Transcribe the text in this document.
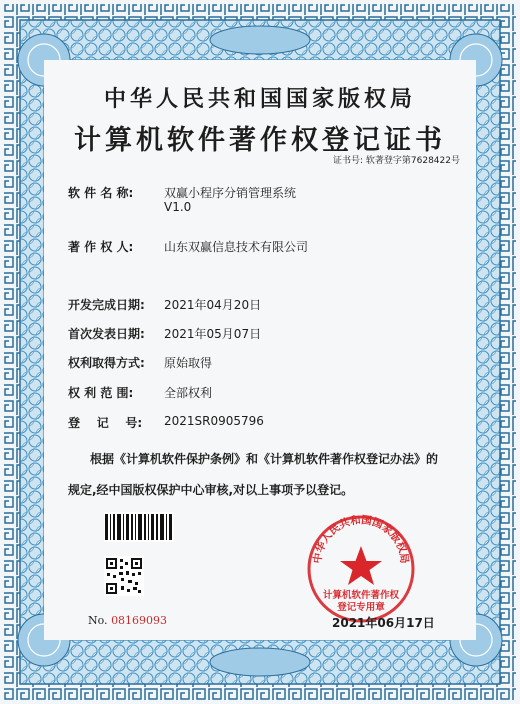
中华人民共和国国家版权局
计算机软件著作权登记证书
证书号: 软著登字第7628422号
软 件 名 称:	双赢小程序分销管理系统
V1.0
著 作 权 人:	山东双赢信息技术有限公司
开发完成日期: 2021年04月20日
首次发表日期: 2021年05月07日
权利取得方式: 原始取得
权 利 范 围:	全部权利
登    记    号: 2021SR0905796
根据《计算机软件保护条例》和《计算机软件著作权登记办法》的
规定,经中国版权保护中心审核,对以上事项予以登记。
No. 08169093
中华人民共和国国家版权局
计算机软件著作权
登记专用章
2021年06月17日
